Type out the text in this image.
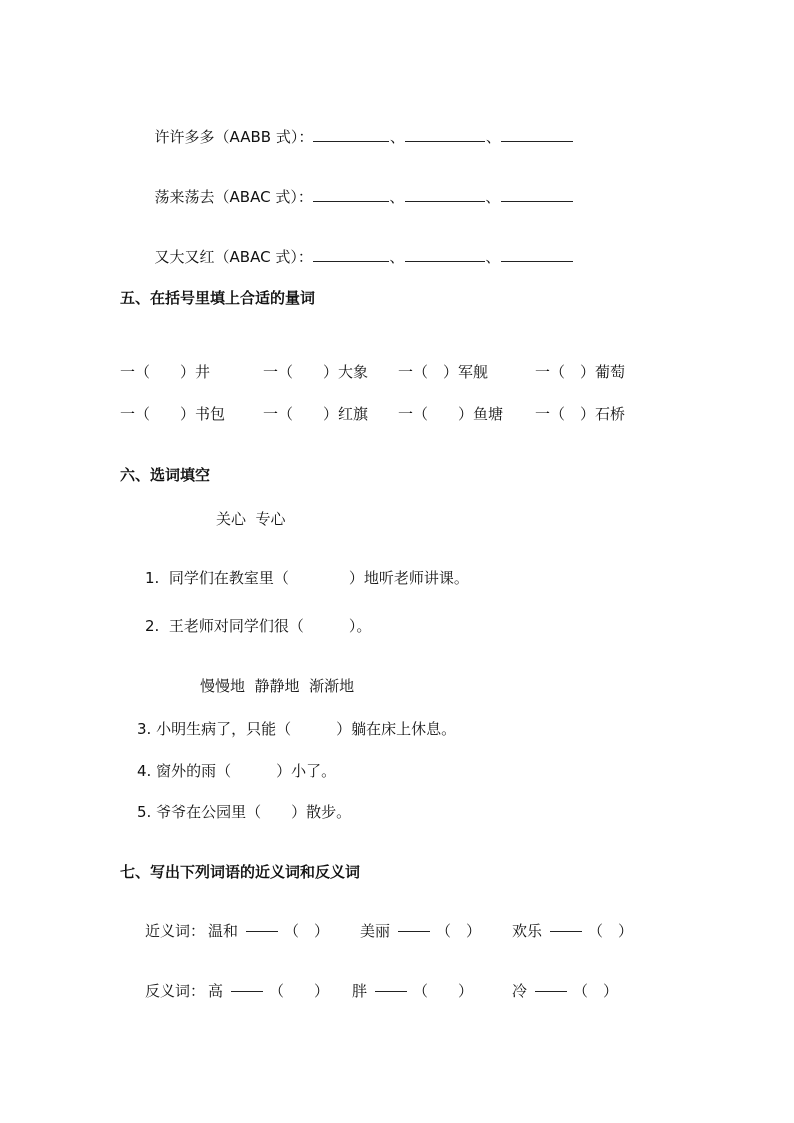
许许多多（AABB 式）：	、	、

荡来荡去（ABAC 式）：	、	、

又大又红（ABAC 式）：	、	、

五、在括号里填上合适的量词
一（　　）井	一（　　）大象 一（　）军舰	一（　）葡萄
一（　　）书包	一（　　）红旗 一（　　）鱼塘 一（　）石桥
六、选词填空
关心  专心
1.  同学们在教室里（　　　　）地听老师讲课。
2.  王老师对同学们很（　　　）。
慢慢地  静静地  渐渐地
3. 小明生病了，只能（　　　）躺在床上休息。
4. 窗外的雨（　　　）小了。
5. 爷爷在公园里（　　）散步。
七、写出下列词语的近义词和反义词
近义词： 温和	（　） 美丽	（　） 欢乐	（　）
反义词： 高	（　　） 胖	（　　）	冷	（　）
